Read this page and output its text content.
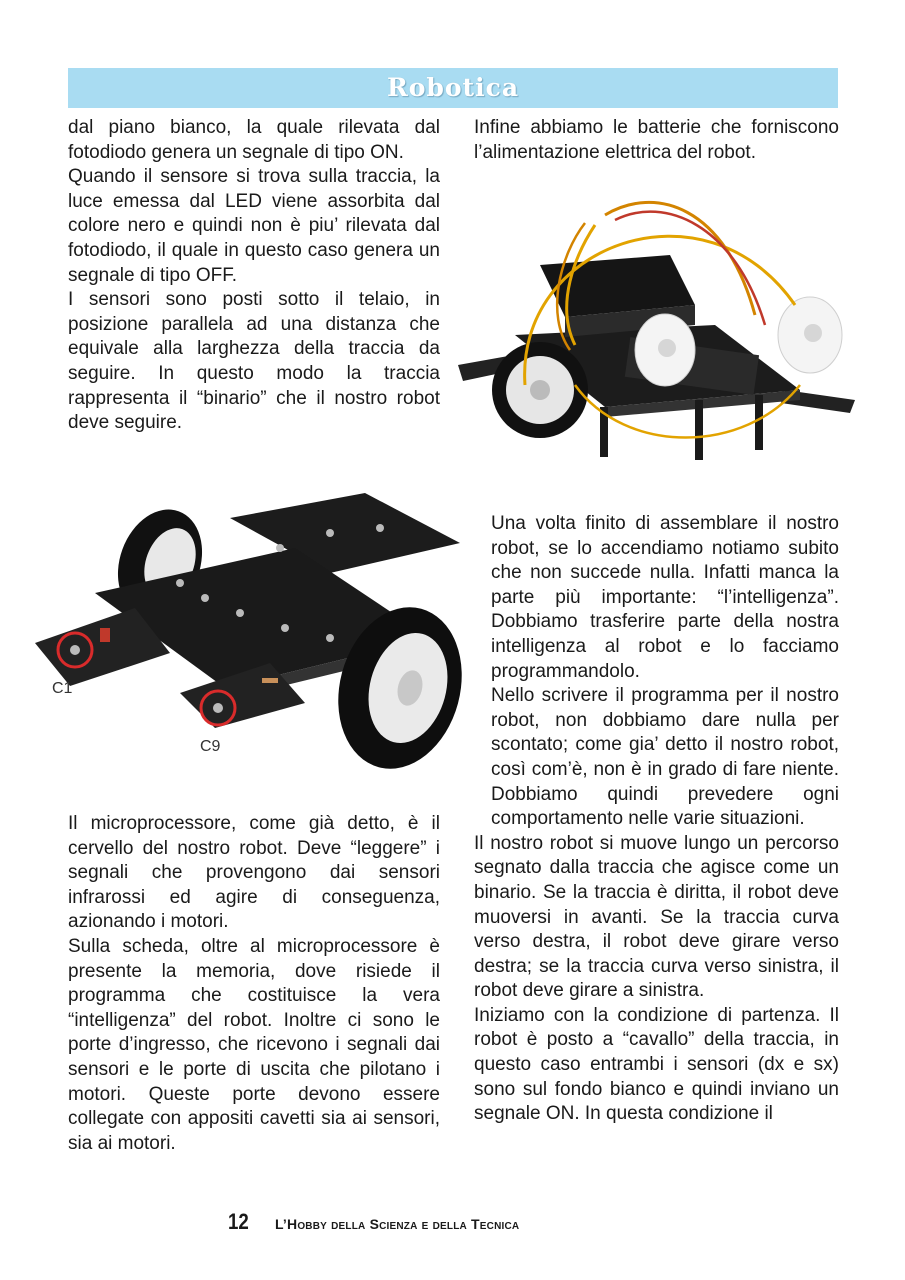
Robotica

dal piano bianco, la quale rilevata dal fotodiodo genera un segnale di tipo ON.

Quando il sensore si trova sulla traccia, la luce emessa dal LED viene assorbita dal colore nero e quindi non è piu’ rilevata dal fotodiodo, il quale in questo caso genera un segnale di tipo OFF.

I sensori sono posti sotto il telaio, in posizione parallela ad una distanza che equivale alla larghezza della traccia da seguire. In questo modo la traccia rappresenta il “binario” che il nostro robot deve seguire.

Infine abbiamo le batterie che forniscono l’alimentazione elettrica del robot.

C1
C9

Una volta finito di assemblare il nostro robot, se lo accendiamo notiamo subito che non succede nulla. Infatti manca la parte più importante: “l’intelligenza”. Dobbiamo trasferire parte della nostra intelligenza al robot e lo facciamo programmandolo.

Nello scrivere il programma per il nostro robot, non dobbiamo dare nulla per scontato; come gia’ detto il nostro robot, così com’è, non è in grado di fare niente. Dobbiamo quindi prevedere ogni comportamento nelle varie situazioni.

Il nostro robot si muove lungo un percorso segnato dalla traccia che agisce come un binario. Se la traccia è diritta, il robot deve muoversi in avanti. Se la traccia curva verso destra, il robot deve girare verso destra; se la traccia curva verso sinistra, il robot deve girare a sinistra.

Iniziamo con la condizione di partenza. Il robot è posto a “cavallo” della traccia, in questo caso entrambi i sensori (dx e sx) sono sul fondo bianco e quindi inviano un segnale ON. In questa condizione il

Il microprocessore, come già detto, è il cervello del nostro robot. Deve “leggere” i segnali che provengono dai sensori infrarossi ed agire di conseguenza, azionando i motori.

Sulla scheda, oltre al microprocessore è presente la memoria, dove risiede il programma che costituisce la vera “intelligenza” del robot. Inoltre ci sono le porte d’ingresso, che ricevono i segnali dai sensori e le porte di uscita che pilotano i motori. Queste porte devono essere collegate con appositi cavetti sia ai sensori, sia ai motori.

12 L’Hobby della Scienza e della Tecnica
